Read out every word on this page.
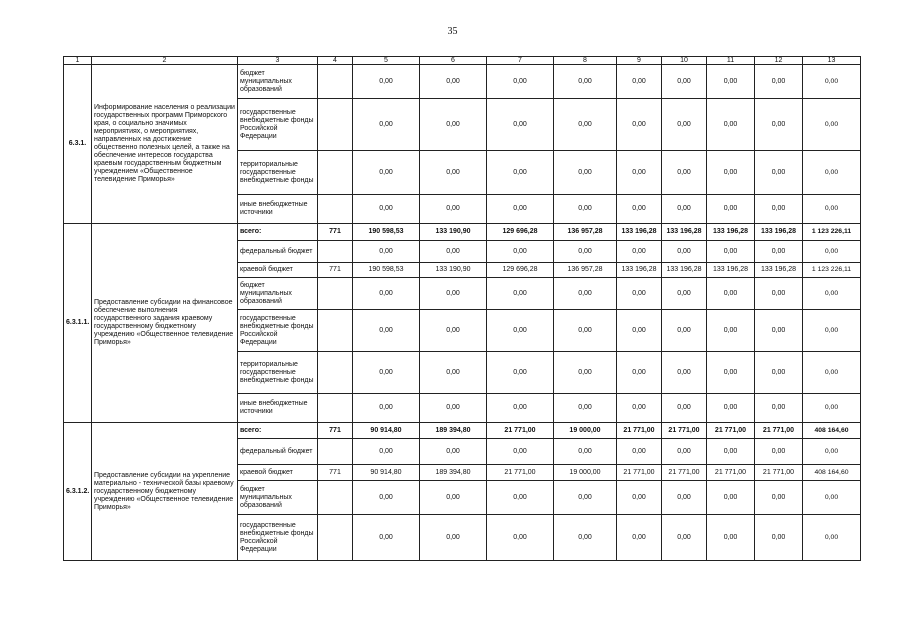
35
1	2	3	4	5	6	7	8	9	10	11	12	13
6.3.1.	Информирование населения о реализации государственных программ Приморского края, о социально значимых мероприятиях, о мероприятиях, направленных на достижение общественно полезных целей, а также на обеспечение интересов государства краевым государственным бюджетным учреждением «Общественное телевидение Приморья»	бюджет муниципальных образований		0,00	0,00	0,00	0,00	0,00	0,00	0,00	0,00	0,00
		государственные внебюджетные фонды Российской Федерации		0,00	0,00	0,00	0,00	0,00	0,00	0,00	0,00	0,00
		территориальные государственные внебюджетные фонды		0,00	0,00	0,00	0,00	0,00	0,00	0,00	0,00	0,00
		иные внебюджетные источники		0,00	0,00	0,00	0,00	0,00	0,00	0,00	0,00	0,00
6.3.1.1.	Предоставление субсидии на финансовое обеспечение выполнения государственного задания краевому государственному бюджетному учреждению «Общественное телевидение Приморья»	всего:	771	190 598,53	133 190,90	129 696,28	136 957,28	133 196,28	133 196,28	133 196,28	133 196,28	1 123 226,11
		федеральный бюджет		0,00	0,00	0,00	0,00	0,00	0,00	0,00	0,00	0,00
		краевой бюджет	771	190 598,53	133 190,90	129 696,28	136 957,28	133 196,28	133 196,28	133 196,28	133 196,28	1 123 226,11
		бюджет муниципальных образований		0,00	0,00	0,00	0,00	0,00	0,00	0,00	0,00	0,00
		государственные внебюджетные фонды Российской Федерации		0,00	0,00	0,00	0,00	0,00	0,00	0,00	0,00	0,00
		территориальные государственные внебюджетные фонды		0,00	0,00	0,00	0,00	0,00	0,00	0,00	0,00	0,00
		иные внебюджетные источники		0,00	0,00	0,00	0,00	0,00	0,00	0,00	0,00	0,00
6.3.1.2.	Предоставление субсидии на укрепление материально - технической базы краевому государственному бюджетному учреждению «Общественное телевидение Приморья»	всего:	771	90 914,80	189 394,80	21 771,00	19 000,00	21 771,00	21 771,00	21 771,00	21 771,00	408 164,60
		федеральный бюджет		0,00	0,00	0,00	0,00	0,00	0,00	0,00	0,00	0,00
		краевой бюджет	771	90 914,80	189 394,80	21 771,00	19 000,00	21 771,00	21 771,00	21 771,00	21 771,00	408 164,60
		бюджет муниципальных образований		0,00	0,00	0,00	0,00	0,00	0,00	0,00	0,00	0,00
		государственные внебюджетные фонды Российской Федерации		0,00	0,00	0,00	0,00	0,00	0,00	0,00	0,00	0,00
